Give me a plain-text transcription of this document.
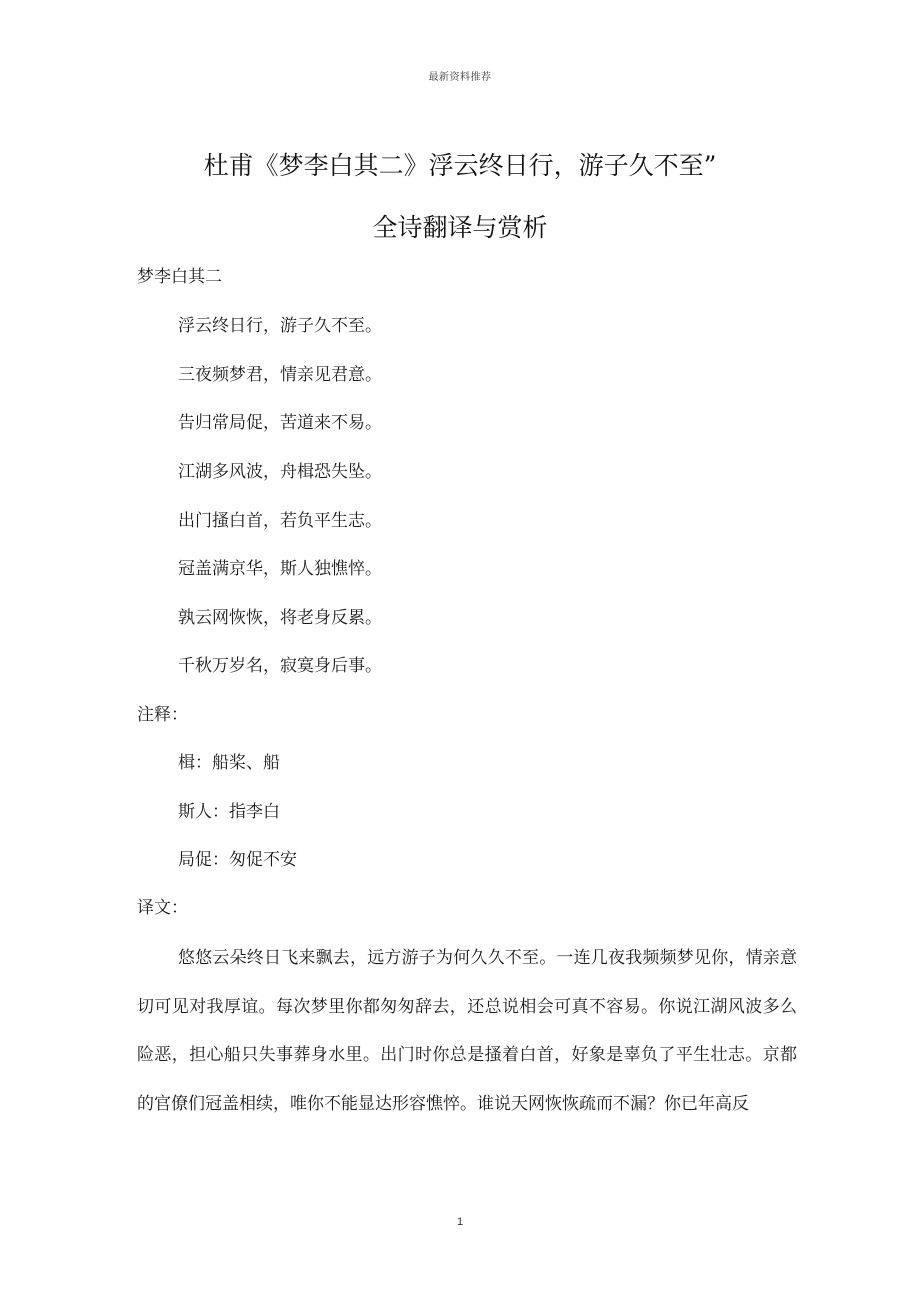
最新资料推荐
杜甫《梦李白其二》浮云终日行，游子久不至”
全诗翻译与赏析
梦李白其二
浮云终日行，游子久不至。
三夜频梦君，情亲见君意。
告归常局促，苦道来不易。
江湖多风波，舟楫恐失坠。
出门搔白首，若负平生志。
冠盖满京华，斯人独憔悴。
孰云网恢恢，将老身反累。
千秋万岁名，寂寞身后事。
注释：
楫：船桨、船
斯人：指李白
局促：匆促不安
译文：

悠悠云朵终日飞来飘去，远方游子为何久久不至。一连几夜我频频梦见你，情亲意切可见对我厚谊。每次梦里你都匆匆辞去，还总说相会可真不容易。你说江湖风波多么险恶，担心船只失事葬身水里。出门时你总是搔着白首，好象是辜负了平生壮志。京都的官僚们冠盖相续，唯你不能显达形容憔悴。谁说天网恢恢疏而不漏？你已年高反

1
